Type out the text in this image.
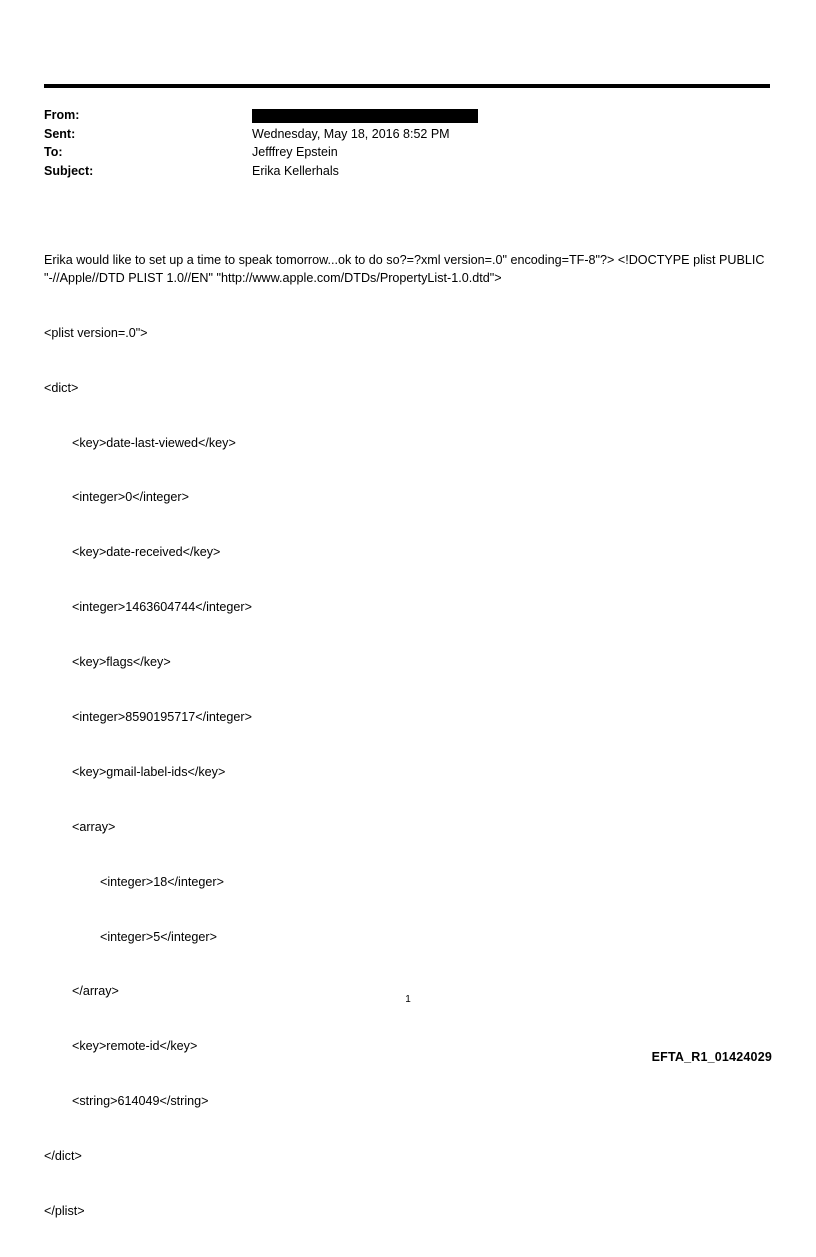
From:	
Sent:	Wednesday, May 18, 2016 8:52 PM
To:	Jefffrey Epstein
Subject:	Erika Kellerhals

Erika would like to set up a time to speak tomorrow...ok to do so?=?xml version=.0" encoding=TF-8"?> <!DOCTYPE plist PUBLIC "-//Apple//DTD PLIST 1.0//EN" "http://www.apple.com/DTDs/PropertyList-1.0.dtd">

<plist version=.0">

<dict>

<key>date-last-viewed</key>

<integer>0</integer>

<key>date-received</key>

<integer>1463604744</integer>

<key>flags</key>

<integer>8590195717</integer>

<key>gmail-label-ids</key>

<array>

<integer>18</integer>

<integer>5</integer>

</array>

<key>remote-id</key>

<string>614049</string>

</dict>

</plist>

1
EFTA_R1_01424029
